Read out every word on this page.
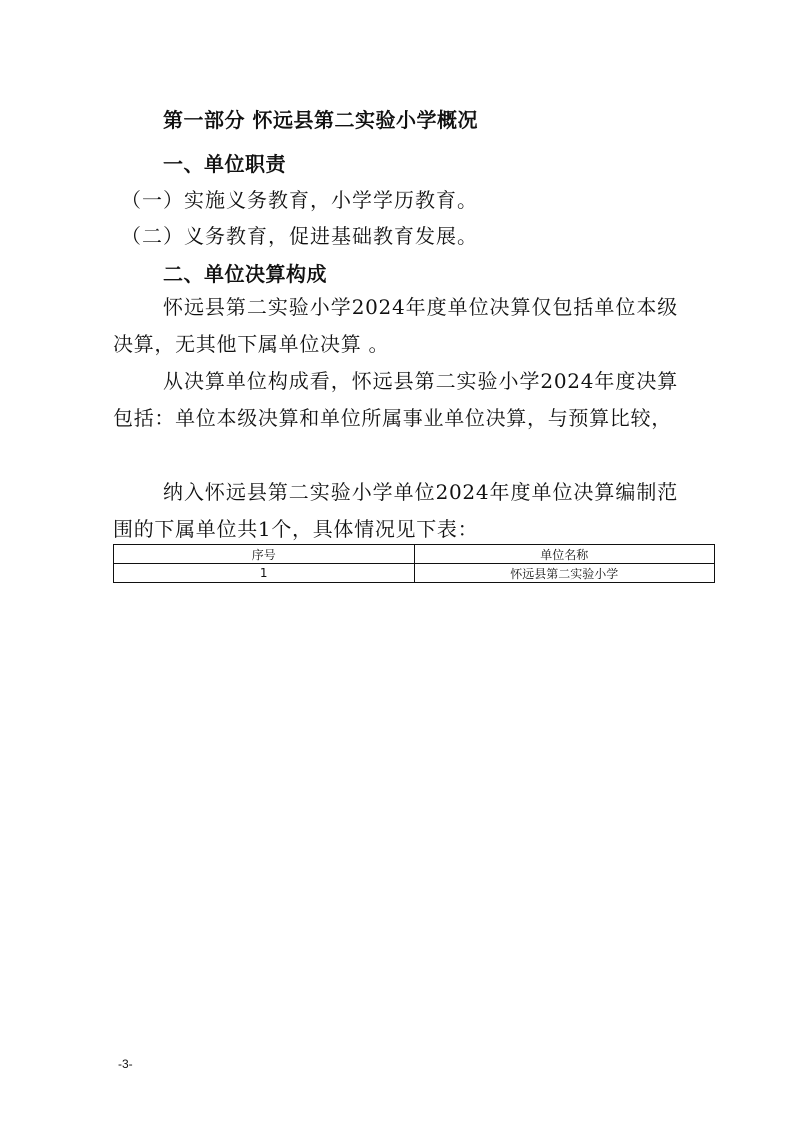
第一部分 怀远县第二实验小学概况
一、单位职责
（一）实施义务教育，小学学历教育。
（二）义务教育，促进基础教育发展。
二、单位决算构成
怀远县第二实验小学2024年度单位决算仅包括单位本级决算，无其他下属单位决算 。
从决算单位构成看，怀远县第二实验小学2024年度决算包括：单位本级决算和单位所属事业单位决算，与预算比较，
纳入怀远县第二实验小学单位2024年度单位决算编制范围的下属单位共1个，具体情况见下表：
序号	单位名称
1	怀远县第二实验小学
-3-
